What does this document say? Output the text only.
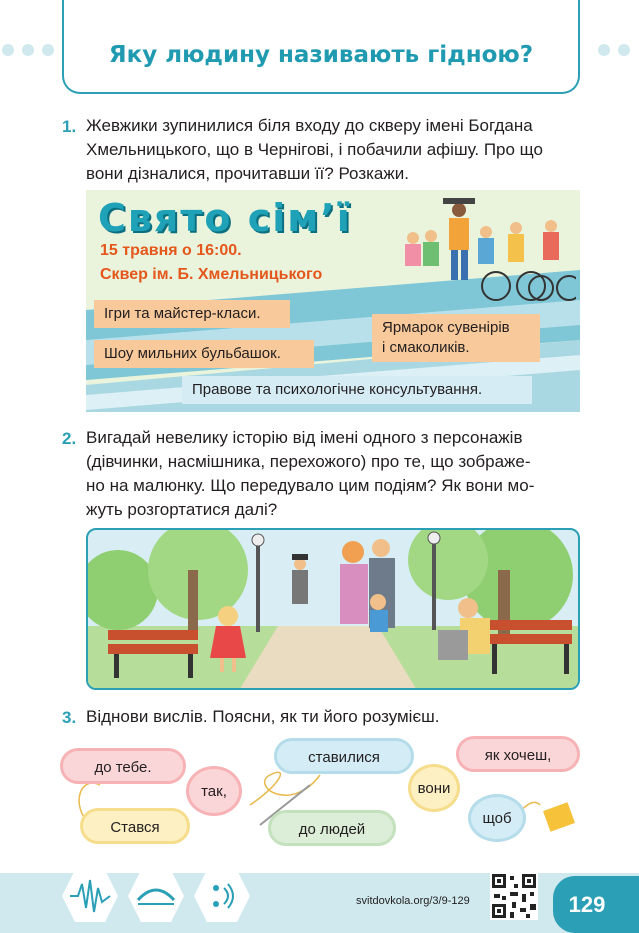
Яку людину називають гідною?
1. Жевжики зупинилися біля входу до скверу імені Богдана
Хмельницького, що в Чернігові, і побачили афішу. Про що
вони дізналися, прочитавши її? Розкажи.
Свято сім’ї
15 травня о 16:00.
Сквер ім. Б. Хмельницького
Ігри та майстер-класи.
Шоу мильних бульбашок.
Ярмарок сувенірів
і смаколиків.
Правове та психологічне консультування.
2. Вигадай невелику історію від імені одного з персонажів
(дівчинки, насмішника, перехожого) про те, що зображе-
но на малюнку. Що передувало цим подіям? Як вони мо-
жуть розгортатися далі?
3. Віднови вислів. Поясни, як ти його розумієш.
до тебе.
так,
Стався
ставилися
до людей
вони
як хочеш,
щоб
svitdovkola.org/3/9-129	129
